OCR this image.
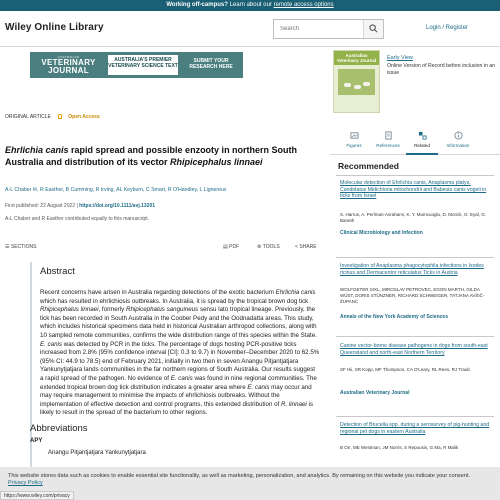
Working off-campus? Learn about our remote access options
Wiley Online Library
Search	Login / Register
AUSTRALIAN
VETERINARY
JOURNAL
AUSTRALIA'S PREMIER VETERINARY SCIENCE TEXT
SUBMIT YOUR RESEARCH HERE
ORIGINAL ARTICLE	Open Access
Ehrlichia canis rapid spread and possible enzooty in northern South Australia and distribution of its vector Rhipicephalus linnaei
A-L Chaber ✉, R Easther, B Cumming, R Irving, AL Keyburn, C Smart, R O'Handley, L Lignereux
First published: 22 August 2022 | https://doi.org/10.1111/avj.13201
A-L Chaber and R Easther contributed equally to this manuscript.
☰ SECTIONS	▤ PDF	⚙ TOOLS	< SHARE
Abstract
Recent concerns have arisen in Australia regarding detections of the exotic bacterium Ehrlichia canis which has resulted in ehrlichiosis outbreaks. In Australia, it is spread by the tropical brown dog tick Rhipicephalus linnaei, formerly Rhipicephalus sanguineus sensu lato tropical lineage. Previously, the tick has been recorded in South Australia in the Coober Pedy and the Oodnadatta areas. This study, which includes historical specimens data held in historical Australian arthropod collections, along with 10 sampled remote communities, confirms the wide distribution range of this species within the State. E. canis was detected by PCR in the ticks. The percentage of dogs hosting PCR-positive ticks increased from 2.8% (95% confidence interval [CI]: 0.3 to 9.7) in November–December 2020 to 62.5% (95% CI: 44.9 to 78.5) end of February 2021, initially in two then in seven Anangu Pitjantjatjara Yankunytjatjara lands communities in the far northern regions of South Australia. Our results suggest a rapid spread of the pathogen. No evidence of E. canis was found in nine regional communities. The extended tropical brown dog tick distribution indicates a greater area where E. canis may occur and may require management to minimise the impacts of ehrlichiosis outbreaks. Without the implementation of effective detection and control programs, this extended distribution of R. linnaei is likely to result in the spread of the bacterium to other regions.
Abbreviations
APY
Anangu Pitjantjatjara Yankunytjatjara
Australian Veterinary Journal	Early View
Online Version of Record before inclusion in an issue
Figures	References	Related	Information
Recommended
Molecular detection of Ehrlichia canis, Anaplasma platys, Candidatus Midichloria mitochondrii and Babesia canis vogeli in ticks from Israel
S. Harrus, A. Perlman-Avrahami, K. Y. Mumcuoglu, D. Morick, O. Eyal, G. Baneth
Clinical Microbiology and Infection
Investigation of Anaplasma phagocytophila infections in Ixodes ricinus and Dermacentor reticulatus Ticks in Austria
WOLFGETER SIXL, MIROSLAV PETROVEC, EGON MARTH, GILDA WÜST, DORIS STÜNZNER, RICHARD SCHWEIGER, TATJANA AVŠIČ-ŽUPANC
Annals of the New York Academy of Sciences
Canine vector-borne disease pathogens in dogs from south-east Queensland and north-east Northern Territory
SF Hii, SR Kopp, MF Thompson, CA O'Leary, RL Rees, RJ Traub
Australian Veterinary Journal
Detection of Brucella spp. during a serosurvey of pig-hunting and regional pet dogs in eastern Australia
B Orr, ME Westman, JM Norris, S Repousis, G Ma, R Malik
This website stores data such as cookies to enable essential site functionality, as well as marketing, personalization, and analytics. By remaining on this website you indicate your consent. Privacy Policy
https://www.wiley.com/privacy
